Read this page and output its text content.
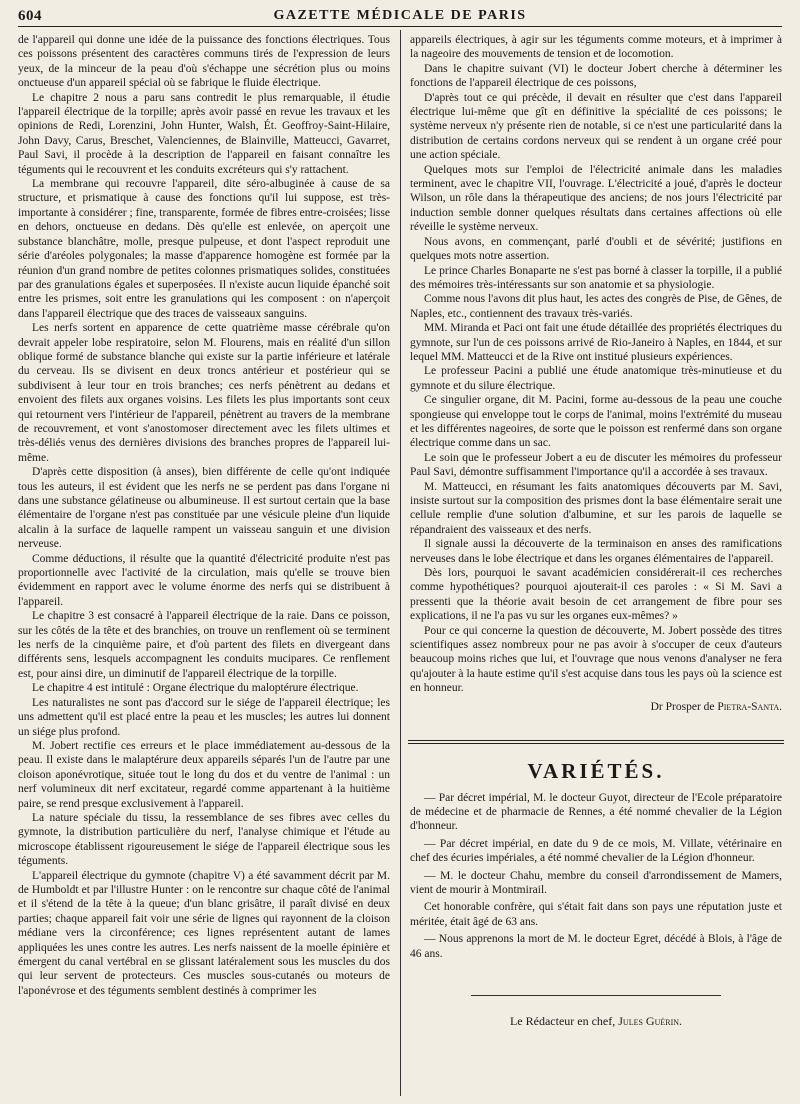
604	GAZETTE MÉDICALE DE PARIS

de l'appareil qui donne une idée de la puissance des fonctions électriques. Tous ces poissons présentent des caractères communs tirés de l'expression de leurs yeux, de la minceur de la peau d'où s'échappe une sécrétion plus ou moins onctueuse d'un appareil spécial où se fabrique le fluide électrique.

Le chapitre 2 nous a paru sans contredit le plus remarquable, il étudie l'appareil électrique de la torpille; après avoir passé en revue les travaux et les opinions de Redi, Lorenzini, John Hunter, Walsh, Ét. Geoffroy-Saint-Hilaire, John Davy, Carus, Breschet, Valenciennes, de Blainville, Matteucci, Gavarret, Paul Savi, il procède à la description de l'appareil en faisant connaître les téguments qui le recouvrent et les conduits excréteurs qui s'y rattachent.

La membrane qui recouvre l'appareil, dite séro-albuginée à cause de sa structure, et prismatique à cause des fonctions qu'il lui suppose, est très-importante à considérer ; fine, transparente, formée de fibres entre-croisées; lisse en dehors, onctueuse en dedans. Dès qu'elle est enlevée, on aperçoit une substance blanchâtre, molle, presque pulpeuse, et dont l'aspect reproduit une série d'aréoles polygonales; la masse d'apparence homogène est formée par la réunion d'un grand nombre de petites colonnes prismatiques solides, constituées par des granulations égales et superposées. Il n'existe aucun liquide épanché soit entre les prismes, soit entre les granulations qui les composent : on n'aperçoit dans l'appareil électrique que des traces de vaisseaux sanguins.

Les nerfs sortent en apparence de cette quatrième masse cérébrale qu'on devrait appeler lobe respiratoire, selon M. Flourens, mais en réalité d'un sillon oblique formé de substance blanche qui existe sur la partie inférieure et latérale du cerveau. Ils se divisent en deux troncs antérieur et postérieur qui se subdivisent à leur tour en trois branches; ces nerfs pénètrent au dedans et envoient des filets aux organes voisins. Les filets les plus importants sont ceux qui retournent vers l'intérieur de l'appareil, pénètrent au travers de la membrane de recouvrement, et vont s'anostomoser directement avec les filets ultimes et très-déliés venus des dernières divisions des branches propres de l'appareil lui-même.

D'après cette disposition (à anses), bien différente de celle qu'ont indiquée tous les auteurs, il est évident que les nerfs ne se perdent pas dans l'organe ni dans une substance gélatineuse ou albumineuse. Il est surtout certain que la base élémentaire de l'organe n'est pas constituée par une vésicule pleine d'un liquide alcalin à la surface de laquelle rampent un vaisseau sanguin et une division nerveuse.

Comme déductions, il résulte que la quantité d'électricité produite n'est pas proportionnelle avec l'activité de la circulation, mais qu'elle se trouve bien évidemment en rapport avec le volume énorme des nerfs qui se distribuent à l'appareil.

Le chapitre 3 est consacré à l'appareil électrique de la raie. Dans ce poisson, sur les côtés de la tête et des branchies, on trouve un renflement où se terminent les nerfs de la cinquième paire, et d'où partent des filets en divergeant dans différents sens, lesquels accompagnent les conduits mucipares. Ce renflement est, pour ainsi dire, un diminutif de l'appareil électrique de la torpille.

Le chapitre 4 est intitulé : Organe électrique du maloptérure électrique.

Les naturalistes ne sont pas d'accord sur le siége de l'appareil électrique; les uns admettent qu'il est placé entre la peau et les muscles; les autres lui donnent un siége plus profond.

M. Jobert rectifie ces erreurs et le place immédiatement au-dessous de la peau. Il existe dans le malaptérure deux appareils séparés l'un de l'autre par une cloison aponévrotique, située tout le long du dos et du ventre de l'animal : un nerf volumineux dit nerf excitateur, regardé comme appartenant à la huitième paire, se rend presque exclusivement à l'appareil.

La nature spéciale du tissu, la ressemblance de ses fibres avec celles du gymnote, la distribution particulière du nerf, l'analyse chimique et l'étude au microscope établissent rigoureusement le siége de l'appareil électrique sous les téguments.

L'appareil électrique du gymnote (chapitre V) a été savamment décrit par M. de Humboldt et par l'illustre Hunter : on le rencontre sur chaque côté de l'animal et il s'étend de la tête à la queue; d'un blanc grisâtre, il paraît divisé en deux parties; chaque appareil fait voir une série de lignes qui rayonnent de la cloison médiane vers la circonférence; ces lignes représentent autant de lames appliquées les unes contre les autres. Les nerfs naissent de la moelle épinière et émergent du canal vertébral en se glissant latéralement sous les muscles du dos qui leur servent de protecteurs. Ces muscles sous-cutanés ou moteurs de l'aponévrose et des téguments semblent destinés à comprimer les

appareils électriques, à agir sur les téguments comme moteurs, et à imprimer à la nageoire des mouvements de tension et de locomotion.

Dans le chapitre suivant (VI) le docteur Jobert cherche à déterminer les fonctions de l'appareil électrique de ces poissons,

D'après tout ce qui précède, il devait en résulter que c'est dans l'appareil électrique lui-même que gît en définitive la spécialité de ces poissons; le système nerveux n'y présente rien de notable, si ce n'est une particularité dans la distribution de certains cordons nerveux qui se rendent à un organe créé pour une action spéciale.

Quelques mots sur l'emploi de l'électricité animale dans les maladies terminent, avec le chapitre VII, l'ouvrage. L'électricité a joué, d'après le docteur Wilson, un rôle dans la thérapeutique des anciens; de nos jours l'électricité par induction semble donner quelques résultats dans certaines affections où elle réveille le système nerveux.

Nous avons, en commençant, parlé d'oubli et de sévérité; justifions en quelques mots notre assertion.

Le prince Charles Bonaparte ne s'est pas borné à classer la torpille, il a publié des mémoires très-intéressants sur son anatomie et sa physiologie.

Comme nous l'avons dit plus haut, les actes des congrès de Pise, de Gênes, de Naples, etc., contiennent des travaux très-variés.

MM. Miranda et Paci ont fait une étude détaillée des propriétés électriques du gymnote, sur l'un de ces poissons arrivé de Rio-Janeiro à Naples, en 1844, et sur lequel MM. Matteucci et de la Rive ont institué plusieurs expériences.

Le professeur Pacini a publié une étude anatomique très-minutieuse et du gymnote et du silure électrique.

Ce singulier organe, dit M. Pacini, forme au-dessous de la peau une couche spongieuse qui enveloppe tout le corps de l'animal, moins l'extrémité du museau et les différentes nageoires, de sorte que le poisson est renfermé dans son organe électrique comme dans un sac.

Le soin que le professeur Jobert a eu de discuter les mémoires du professeur Paul Savi, démontre suffisamment l'importance qu'il a accordée à ses travaux.

M. Matteucci, en résumant les faits anatomiques découverts par M. Savi, insiste surtout sur la composition des prismes dont la base élémentaire serait une cellule remplie d'une solution d'albumine, et sur les parois de laquelle se répandraient des vaisseaux et des nerfs.

Il signale aussi la découverte de la terminaison en anses des ramifications nerveuses dans le lobe électrique et dans les organes élémentaires de l'appareil.

Dès lors, pourquoi le savant académicien considérerait-il ces recherches comme hypothétiques? pourquoi ajouterait-il ces paroles : « Si M. Savi a pressenti que la théorie avait besoin de cet arrangement de fibre pour ses explications, il ne l'a pas vu sur les organes eux-mêmes? »

Pour ce qui concerne la question de découverte, M. Jobert possède des titres scientifiques assez nombreux pour ne pas avoir à s'occuper de ceux d'auteurs beaucoup moins riches que lui, et l'ouvrage que nous venons d'analyser ne fera qu'ajouter à la haute estime qu'il s'est acquise dans tous les pays où la science est en honneur.

Dr Prosper de Pietra-Santa.
VARIÉTÉS.

— Par décret impérial, M. le docteur Guyot, directeur de l'Ecole préparatoire de médecine et de pharmacie de Rennes, a été nommé chevalier de la Légion d'honneur.

— Par décret impérial, en date du 9 de ce mois, M. Villate, vétérinaire en chef des écuries impériales, a été nommé chevalier de la Légion d'honneur.

— M. le docteur Chahu, membre du conseil d'arrondissement de Mamers, vient de mourir à Montmirail.

Cet honorable confrère, qui s'était fait dans son pays une réputation juste et méritée, était âgé de 63 ans.

— Nous apprenons la mort de M. le docteur Egret, décédé à Blois, à l'âge de 46 ans.

Le Rédacteur en chef, Jules Guérin.
